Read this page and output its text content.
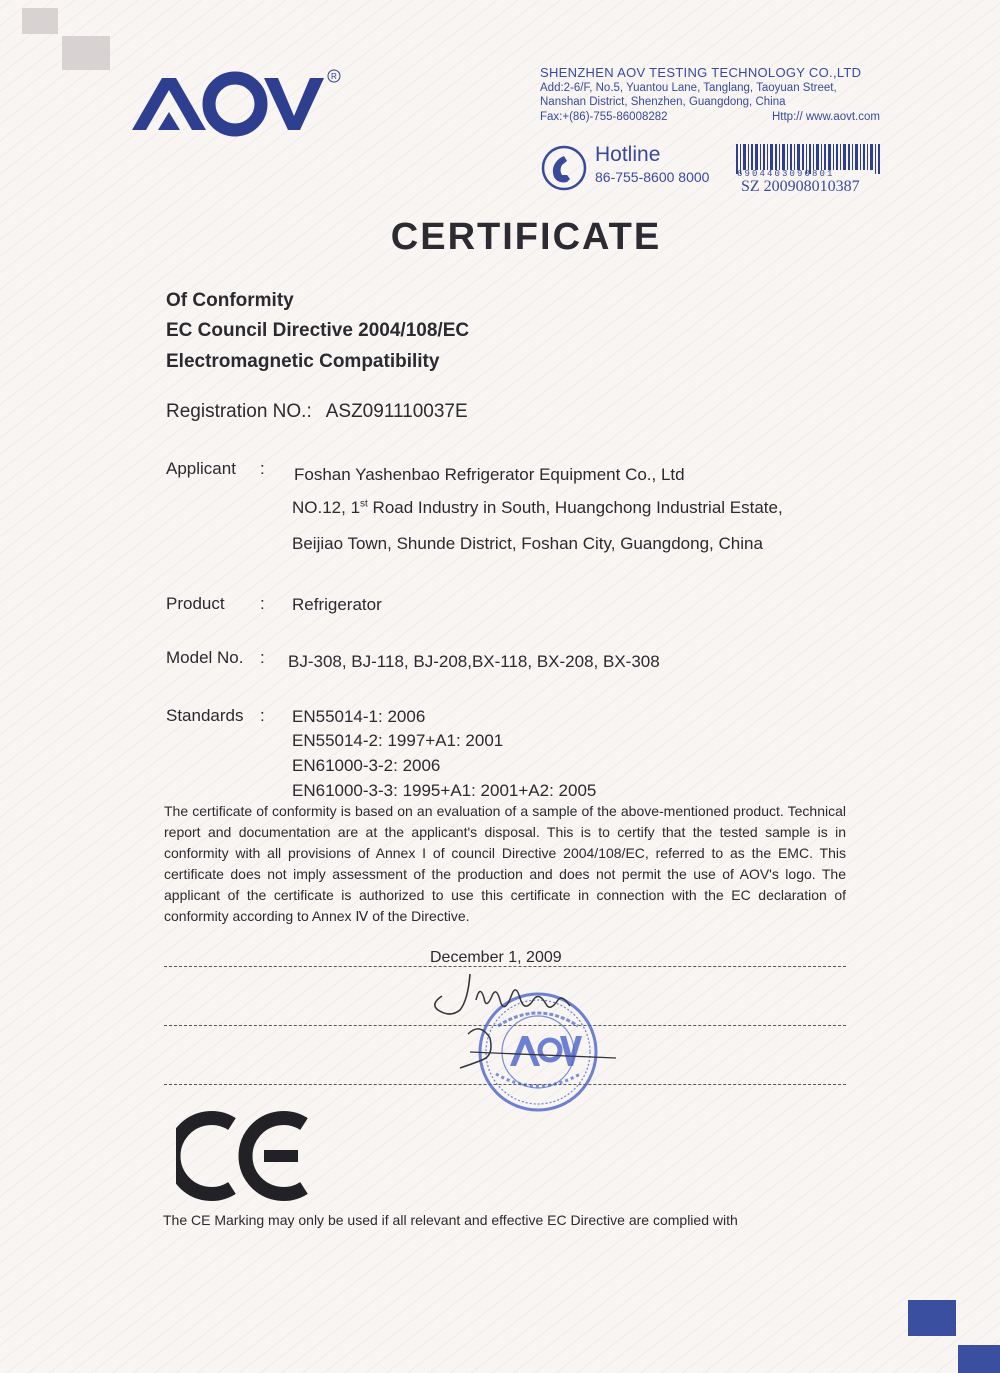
R	SHENZHEN AOV TESTING TECHNOLOGY CO.,LTD
Add:2-6/F, No.5, Yuantou Lane, Tanglang, Taoyuan Street,
Nanshan District, Shenzhen, Guangdong, China
Fax:+(86)-755-86008282	Http:// www.aovt.com
Hotline
86-755-8600 8000	6904403090801
SZ 200908010387
CERTIFICATE
Of Conformity
EC Council Directive 2004/108/EC
Electromagnetic Compatibility
Registration NO.: ASZ091110037E
Applicant : Foshan Yashenbao Refrigerator Equipment Co., Ltd
NO.12, 1st Road Industry in South, Huangchong Industrial Estate,
Beijiao Town, Shunde District, Foshan City, Guangdong, China
Product : Refrigerator
Model No. : BJ-308, BJ-118, BJ-208,BX-118, BX-208, BX-308
Standards : EN55014-1: 2006
EN55014-2: 1997+A1: 2001
EN61000-3-2: 2006
EN61000-3-3: 1995+A1: 2001+A2: 2005
The certificate of conformity is based on an evaluation of a sample of the above-mentioned product. Technical report and documentation are at the applicant's disposal. This is to certify that the tested sample is in conformity with all provisions of Annex I of council Directive 2004/108/EC, referred to as the EMC. This certificate does not imply assessment of the production and does not permit the use of AOV's logo. The applicant of the certificate is authorized to use this certificate in connection with the EC declaration of conformity according to Annex Ⅳ of the Directive.
December 1, 2009
The CE Marking may only be used if all relevant and effective EC Directive are complied with
